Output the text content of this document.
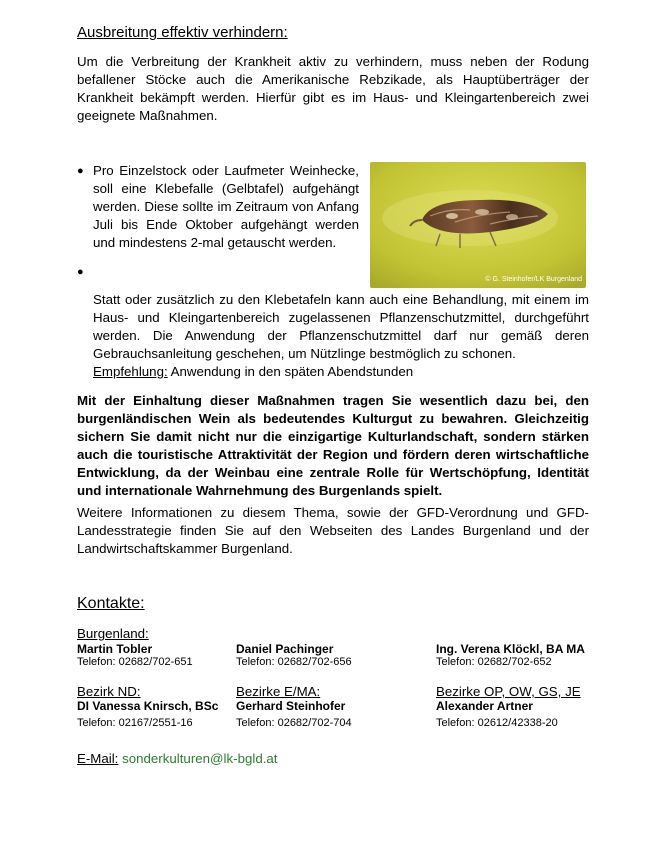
Ausbreitung effektiv verhindern:

Um die Verbreitung der Krankheit aktiv zu verhindern, muss neben der Rodung befallener Stöcke auch die Amerikanische Rebzikade, als Hauptüberträger der Krankheit bekämpft werden. Hierfür gibt es im Haus- und Kleingartenbereich zwei geeignete Maßnahmen.

● Pro Einzelstock oder Laufmeter Weinhecke, soll eine Klebefalle (Gelbtafel) aufgehängt werden. Diese sollte im Zeitraum von Anfang Juli bis Ende Oktober aufgehängt werden und mindestens 2-mal getauscht werden.

© G. Steinhofer/LK Burgenland
●

Statt oder zusätzlich zu den Klebetafeln kann auch eine Behandlung, mit einem im Haus- und Kleingartenbereich zugelassenen Pflanzenschutzmittel, durchgeführt werden. Die Anwendung der Pflanzenschutzmittel darf nur gemäß deren Gebrauchsanleitung geschehen, um Nützlinge bestmöglich zu schonen.

Empfehlung: Anwendung in den späten Abendstunden

Mit der Einhaltung dieser Maßnahmen tragen Sie wesentlich dazu bei, den burgenländischen Wein als bedeutendes Kulturgut zu bewahren. Gleichzeitig sichern Sie damit nicht nur die einzigartige Kulturlandschaft, sondern stärken auch die touristische Attraktivität der Region und fördern deren wirtschaftliche Entwicklung, da der Weinbau eine zentrale Rolle für Wertschöpfung, Identität und internationale Wahrnehmung des Burgenlands spielt.

Weitere Informationen zu diesem Thema, sowie der GFD-Verordnung und GFD-Landesstrategie finden Sie auf den Webseiten des Landes Burgenland und der Landwirtschaftskammer Burgenland.

Kontakte:
Burgenland:
Martin Tobler
Telefon: 02682/702-651
Daniel Pachinger
Telefon: 02682/702-656
Ing. Verena Klöckl, BA MA
Telefon: 02682/702-652
Bezirk ND:
DI Vanessa Knirsch, BSc
Telefon: 02167/2551-16
Bezirke E/MA:
Gerhard Steinhofer
Telefon: 02682/702-704
Bezirke OP, OW, GS, JE
Alexander Artner
Telefon: 02612/42338-20
E-Mail: sonderkulturen@lk-bgld.at
